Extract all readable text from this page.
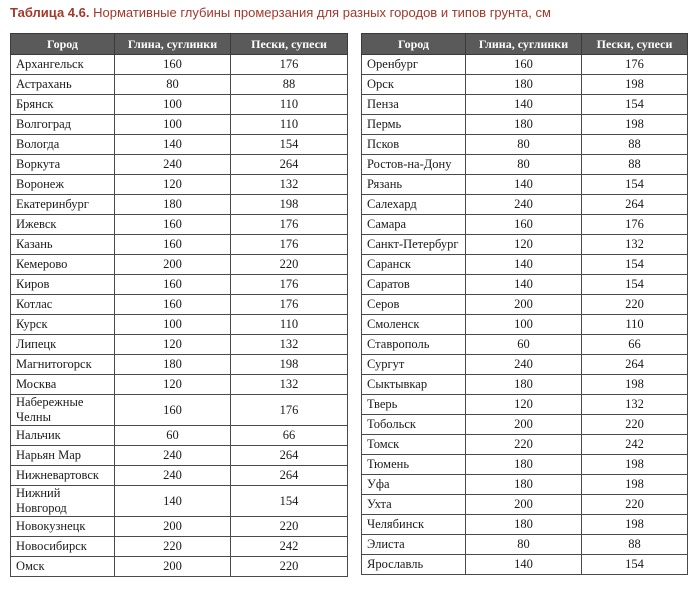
Таблица 4.6. Нормативные глубины промерзания для разных городов и типов грунта, см
Город	Глина, суглинки	Пески, супеси
Архангельск	160	176
Астрахань	80	88
Брянск	100	110
Волгоград	100	110
Вологда	140	154
Воркута	240	264
Воронеж	120	132
Екатеринбург	180	198
Ижевск	160	176
Казань	160	176
Кемерово	200	220
Киров	160	176
Котлас	160	176
Курск	100	110
Липецк	120	132
Магнитогорск	180	198
Москва	120	132
Набережные Челны	160	176
Нальчик	60	66
Нарьян Мар	240	264
Нижневартовск	240	264
Нижний Новгород	140	154
Новокузнецк	200	220
Новосибирск	220	242
Омск	200	220
Город	Глина, суглинки	Пески, супеси
Оренбург	160	176
Орск	180	198
Пенза	140	154
Пермь	180	198
Псков	80	88
Ростов-на-Дону	80	88
Рязань	140	154
Салехард	240	264
Самара	160	176
Санкт-Петербург	120	132
Саранск	140	154
Саратов	140	154
Серов	200	220
Смоленск	100	110
Ставрополь	60	66
Сургут	240	264
Сыктывкар	180	198
Тверь	120	132
Тобольск	200	220
Томск	220	242
Тюмень	180	198
Уфа	180	198
Ухта	200	220
Челябинск	180	198
Элиста	80	88
Ярославль	140	154
